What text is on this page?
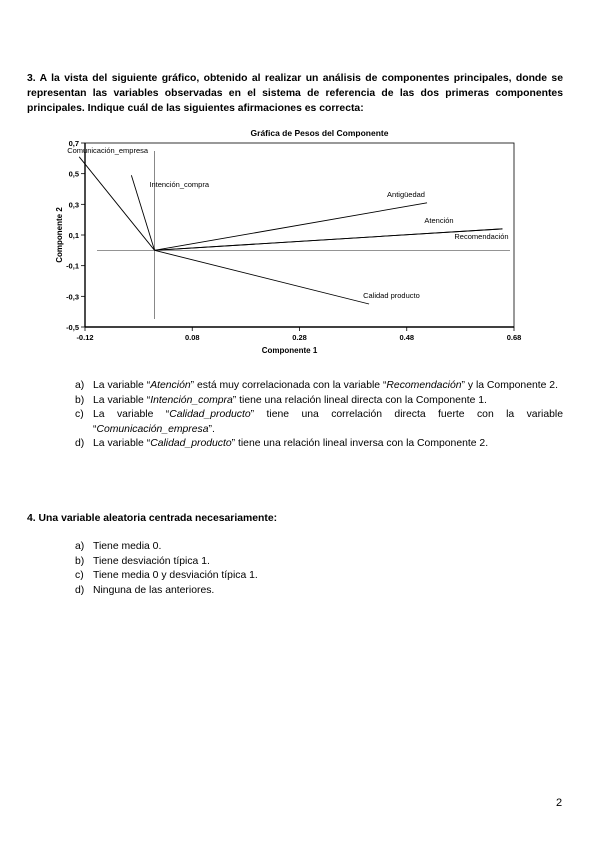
3. A la vista del siguiente gráfico, obtenido al realizar un análisis de componentes principales, donde se representan las variables observadas en el sistema de referencia de las dos primeras componentes principales. Indique cuál de las siguientes afirmaciones es correcta:

Gráfica de Pesos del Componente
0,7
0,5
0,3
0,1
-0,1
-0,3
-0,5
-0.12	0.08	0.28	0.48	0.68
Componente 1
Componente 2
Comunicación_empresa
Intención_compra
Antigüedad
Atención
Recomendación
Calidad producto
a) La variable “Atención” está muy correlacionada con la variable “Recomendación” y la Componente 2.
b) La variable “Intención_compra” tiene una relación lineal directa con la Componente 1.
c) La variable “Calidad_producto” tiene una correlación directa fuerte con la variable “Comunicación_empresa”.
d) La variable “Calidad_producto” tiene una relación lineal inversa con la Componente 2.

4. Una variable aleatoria centrada necesariamente:

a) Tiene media 0.
b) Tiene desviación típica 1.
c) Tiene media 0 y desviación típica 1.
d) Ninguna de las anteriores.
2
